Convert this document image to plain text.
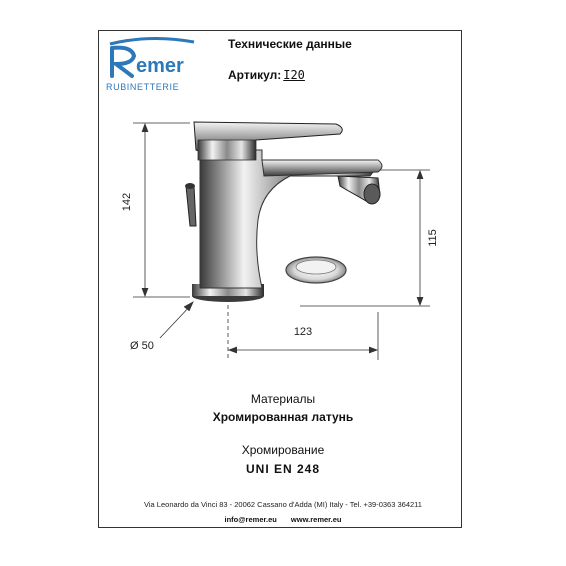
emer
RUBINETTERIE
Технические данные
Артикул: I20
142
115
123
Ø 50
Материалы
Хромированная латунь
Хромирование
UNI EN 248
Via Leonardo da Vinci 83 - 20062 Cassano d'Adda (MI) Italy - Tel. +39-0363 364211
info@remer.eu www.remer.eu
